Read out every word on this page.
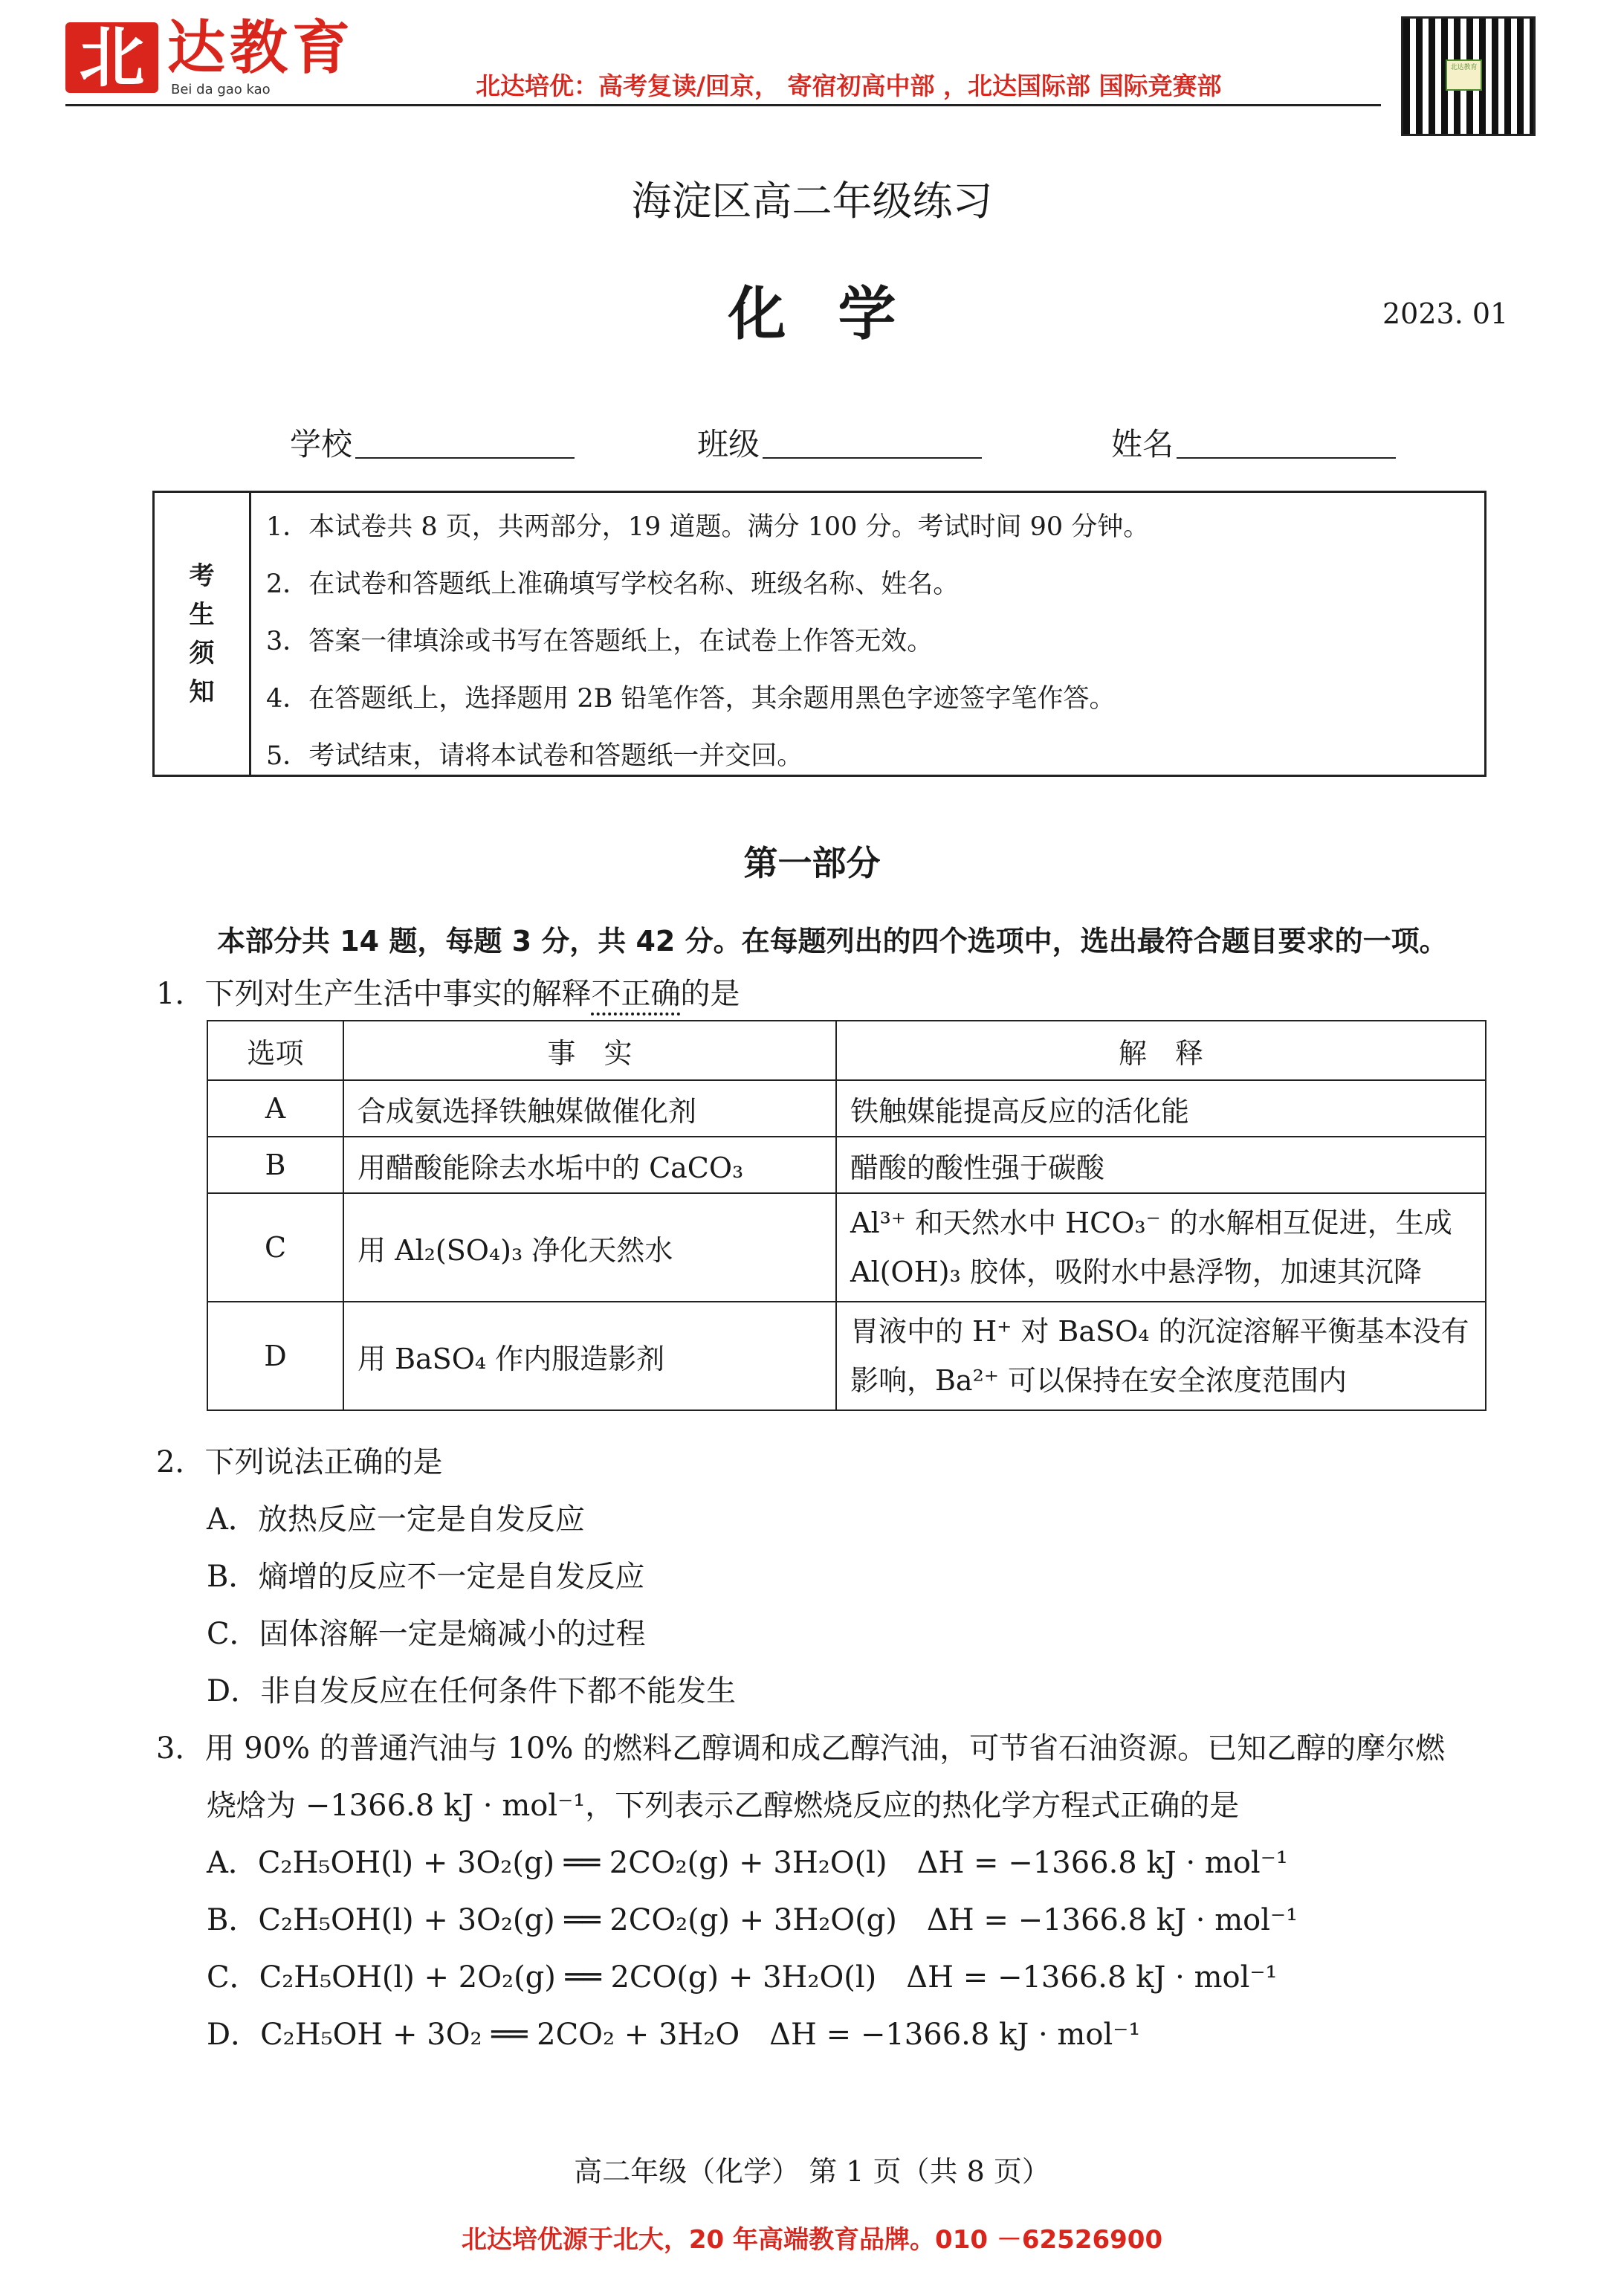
北 达教育
Bei da gao kao	北达培优：高考复读/回京， 寄宿初高中部 ，北达国际部 国际竞赛部
北达教育
海淀区高二年级练习
化学	2023. 01
学校	班级	姓名
考
生
须
知
1．本试卷共 8 页，共两部分，19 道题。满分 100 分。考试时间 90 分钟。
2．在试卷和答题纸上准确填写学校名称、班级名称、姓名。
3．答案一律填涂或书写在答题纸上，在试卷上作答无效。
4．在答题纸上，选择题用 2B 铅笔作答，其余题用黑色字迹签字笔作答。
5．考试结束，请将本试卷和答题纸一并交回。
第一部分
本部分共 14 题，每题 3 分，共 42 分。在每题列出的四个选项中，选出最符合题目要求的一项。
1．下列对生产生活中事实的解释不正确的是
选项	事　实	解　释
A	合成氨选择铁触媒做催化剂	铁触媒能提高反应的活化能
B	用醋酸能除去水垢中的 CaCO₃	醋酸的酸性强于碳酸
C	用 Al₂(SO₄)₃ 净化天然水	Al³⁺ 和天然水中 HCO₃⁻ 的水解相互促进，生成 Al(OH)₃ 胶体，吸附水中悬浮物，加速其沉降
D	用 BaSO₄ 作内服造影剂	胃液中的 H⁺ 对 BaSO₄ 的沉淀溶解平衡基本没有影响，Ba²⁺ 可以保持在安全浓度范围内
2．下列说法正确的是
A．放热反应一定是自发反应
B．熵增的反应不一定是自发反应
C．固体溶解一定是熵减小的过程
D．非自发反应在任何条件下都不能发生
3．用 90% 的普通汽油与 10% 的燃料乙醇调和成乙醇汽油，可节省石油资源。已知乙醇的摩尔燃
烧焓为 −1366.8 kJ · mol⁻¹，下列表示乙醇燃烧反应的热化学方程式正确的是
A．C₂H₅OH(l) + 3O₂(g) ══ 2CO₂(g) + 3H₂O(l)　ΔH = −1366.8 kJ · mol⁻¹
B．C₂H₅OH(l) + 3O₂(g) ══ 2CO₂(g) + 3H₂O(g)　ΔH = −1366.8 kJ · mol⁻¹
C．C₂H₅OH(l) + 2O₂(g) ══ 2CO(g) + 3H₂O(l)　ΔH = −1366.8 kJ · mol⁻¹
D．C₂H₅OH + 3O₂ ══ 2CO₂ + 3H₂O　ΔH = −1366.8 kJ · mol⁻¹
高二年级（化学） 第 1 页（共 8 页）
北达培优源于北大，20 年高端教育品牌。010 －62526900
